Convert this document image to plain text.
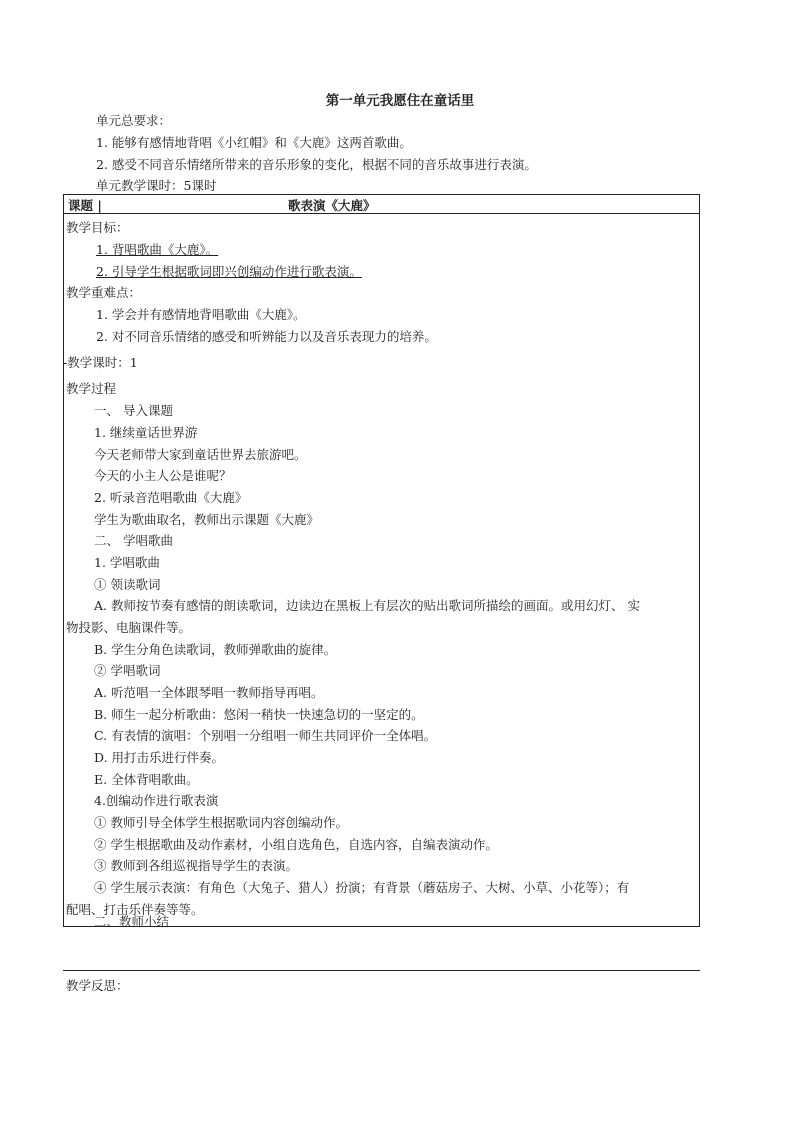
第一单元我愿住在童话里
单元总要求：
1. 能够有感情地背唱《小红帽》和《大鹿》这两首歌曲。
2. 感受不同音乐情绪所带来的音乐形象的变化，根据不同的音乐故事进行表演。
单元教学课时：5课时
课题 |	歌表演《大鹿》
教学目标：
1. 背唱歌曲《大鹿》。
2. 引导学生根据歌词即兴创编动作进行歌表演。
教学重难点：
1. 学会并有感情地背唱歌曲《大鹿》。
2. 对不同音乐情绪的感受和听辨能力以及音乐表现力的培养。
-教学课时：1
教学过程
一、 导入课题
1. 继续童话世界游
今天老师带大家到童话世界去旅游吧。
今天的小主人公是谁呢？
2. 听录音范唱歌曲《大鹿》
学生为歌曲取名，教师出示课题《大鹿》
二、 学唱歌曲
1. 学唱歌曲
① 领读歌词
A. 教师按节奏有感情的朗读歌词，边读边在黑板上有层次的贴出歌词所描绘的画面。或用幻灯、 实
物投影、电脑课件等。
B. 学生分角色读歌词，教师弹歌曲的旋律。
② 学唱歌词
A. 听范唱一全体跟琴唱一教师指导再唱。
B. 师生一起分析歌曲：悠闲一稍快一快速急切的一坚定的。
C. 有表情的演唱：个别唱一分组唱一师生共同评价一全体唱。
D. 用打击乐进行伴奏。
E. 全体背唱歌曲。
4.创编动作进行歌表演
① 教师引导全体学生根据歌词内容创编动作。
② 学生根据歌曲及动作素材，小组自选角色，自选内容，自编表演动作。
③ 教师到各组巡视指导学生的表演。
④ 学生展示表演：有角色（大兔子、猎人）扮演；有背景（蘑菇房子、大树、小草、小花等）；有
配唱、打击乐伴奏等等。
二、教师小结
教学反思：
